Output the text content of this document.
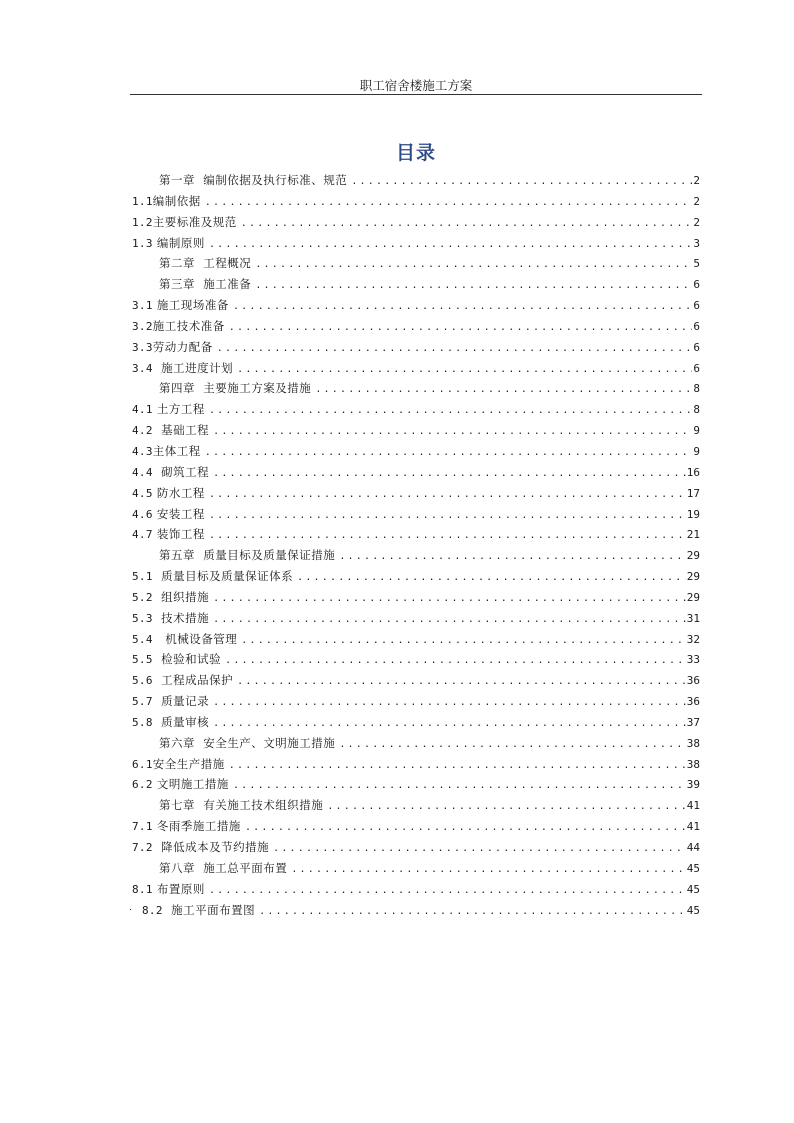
职工宿舍楼施工方案
目录
第一章  编制依据及执行标准、规范 .....	2
1.1 编制依据 .....	2
1.2 主要标准及规范 .....	2
1.3 编制原则 .....	3
第二章  工程概况 .....	5
第三章  施工准备 .....	6
3.1 施工现场准备 .....	6
3.2 施工技术准备 .....	6
3.3 劳动力配备 .....	6
3.4 施工进度计划 .....	6
第四章  主要施工方案及措施 .....	8
4.1 土方工程 .....	8
4.2 基础工程 .....	9
4.3 主体工程 .....	9
4.4 砌筑工程 .....	16
4.5 防水工程 .....	17
4.6 安装工程 .....	19
4.7 装饰工程 .....	21
第五章  质量目标及质量保证措施 .....	29
5.1 质量目标及质量保证体系 .....	29
5.2 组织措施 .....	29
5.3 技术措施 .....	31
5.4 机械设备管理 .....	32
5.5 检验和试验 .....	33
5.6 工程成品保护 .....	36
5.7 质量记录 .....	36
5.8 质量审核 .....	37
第六章  安全生产、文明施工措施 .....	38
6.1 安全生产措施 .....	38
6.2 文明施工措施 .....	39
第七章  有关施工技术组织措施 .....	41
7.1 冬雨季施工措施 .....	41
7.2 降低成本及节约措施 .....	44
第八章  施工总平面布置 .....	45
8.1 布置原则 .....	45
8.2 施工平面布置图 .....	45
.
